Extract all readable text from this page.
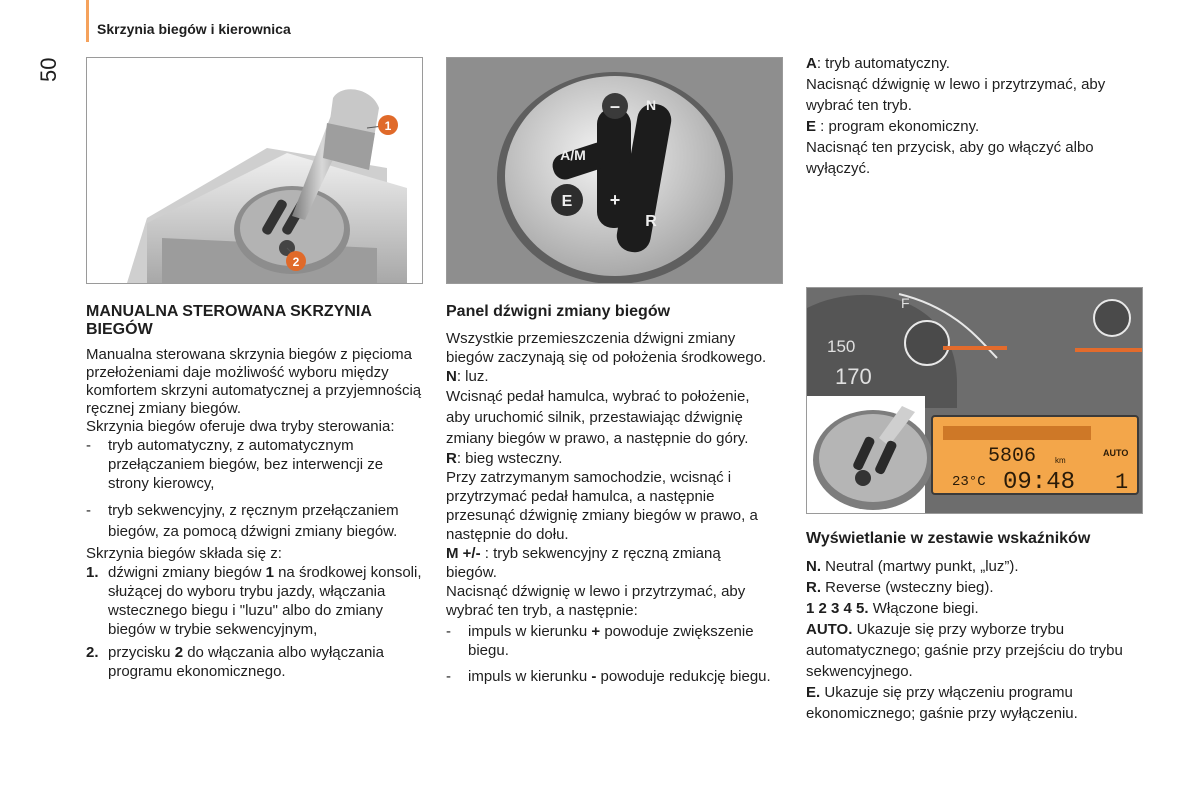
Skrzynia biegów i kierownica
50
1
2
– N
A/M
E +
R
150
170
F
5806 km
AUTO
23°C 09:48 1
MANUALNA STEROWANA SKRZYNIA BIEGÓW

Manualna sterowana skrzynia biegów z pięcioma przełożeniami daje możliwość wyboru między komfortem skrzyni automatycznej a przyjemnością ręcznej zmiany biegów.

Skrzynia biegów oferuje dwa tryby sterowania:

- tryb automatyczny, z automatycznym przełączaniem biegów, bez interwencji ze strony kierowcy,
- tryb sekwencyjny, z ręcznym przełączaniem biegów, za pomocą dźwigni zmiany biegów.

Skrzynia biegów składa się z:

1. dźwigni zmiany biegów 1 na środkowej konsoli, służącej do wyboru trybu jazdy, włączania wstecznego biegu i "luzu" albo do zmiany biegów w trybie sekwencyjnym,
2. przycisku 2 do włączania albo wyłączania programu ekonomicznego.
Panel dźwigni zmiany biegów

Wszystkie przemieszczenia dźwigni zmiany biegów zaczynają się od położenia środkowego.

N: luz.

Wcisnąć pedał hamulca, wybrać to położenie, aby uruchomić silnik, przestawiając dźwignię zmiany biegów w prawo, a następnie do góry.

R: bieg wsteczny.

Przy zatrzymanym samochodzie, wcisnąć i przytrzymać pedał hamulca, a następnie przesunąć dźwignię zmiany biegów w prawo, a następnie do dołu.

M +/- : tryb sekwencyjny z ręczną zmianą biegów.

Nacisnąć dźwignię w lewo i przytrzymać, aby wybrać ten tryb, a następnie:

- impuls w kierunku + powoduje zwiększenie biegu.
- impuls w kierunku - powoduje redukcję biegu.

A: tryb automatyczny.

Nacisnąć dźwignię w lewo i przytrzymać, aby wybrać ten tryb.

E : program ekonomiczny.

Nacisnąć ten przycisk, aby go włączyć albo wyłączyć.

Wyświetlanie w zestawie wskaźników

N. Neutral (martwy punkt, „luz”).

R. Reverse (wsteczny bieg).

1 2 3 4 5. Włączone biegi.

AUTO. Ukazuje się przy wyborze trybu automatycznego; gaśnie przy przejściu do trybu sekwencyjnego.

E. Ukazuje się przy włączeniu programu ekonomicznego; gaśnie przy wyłączeniu.
